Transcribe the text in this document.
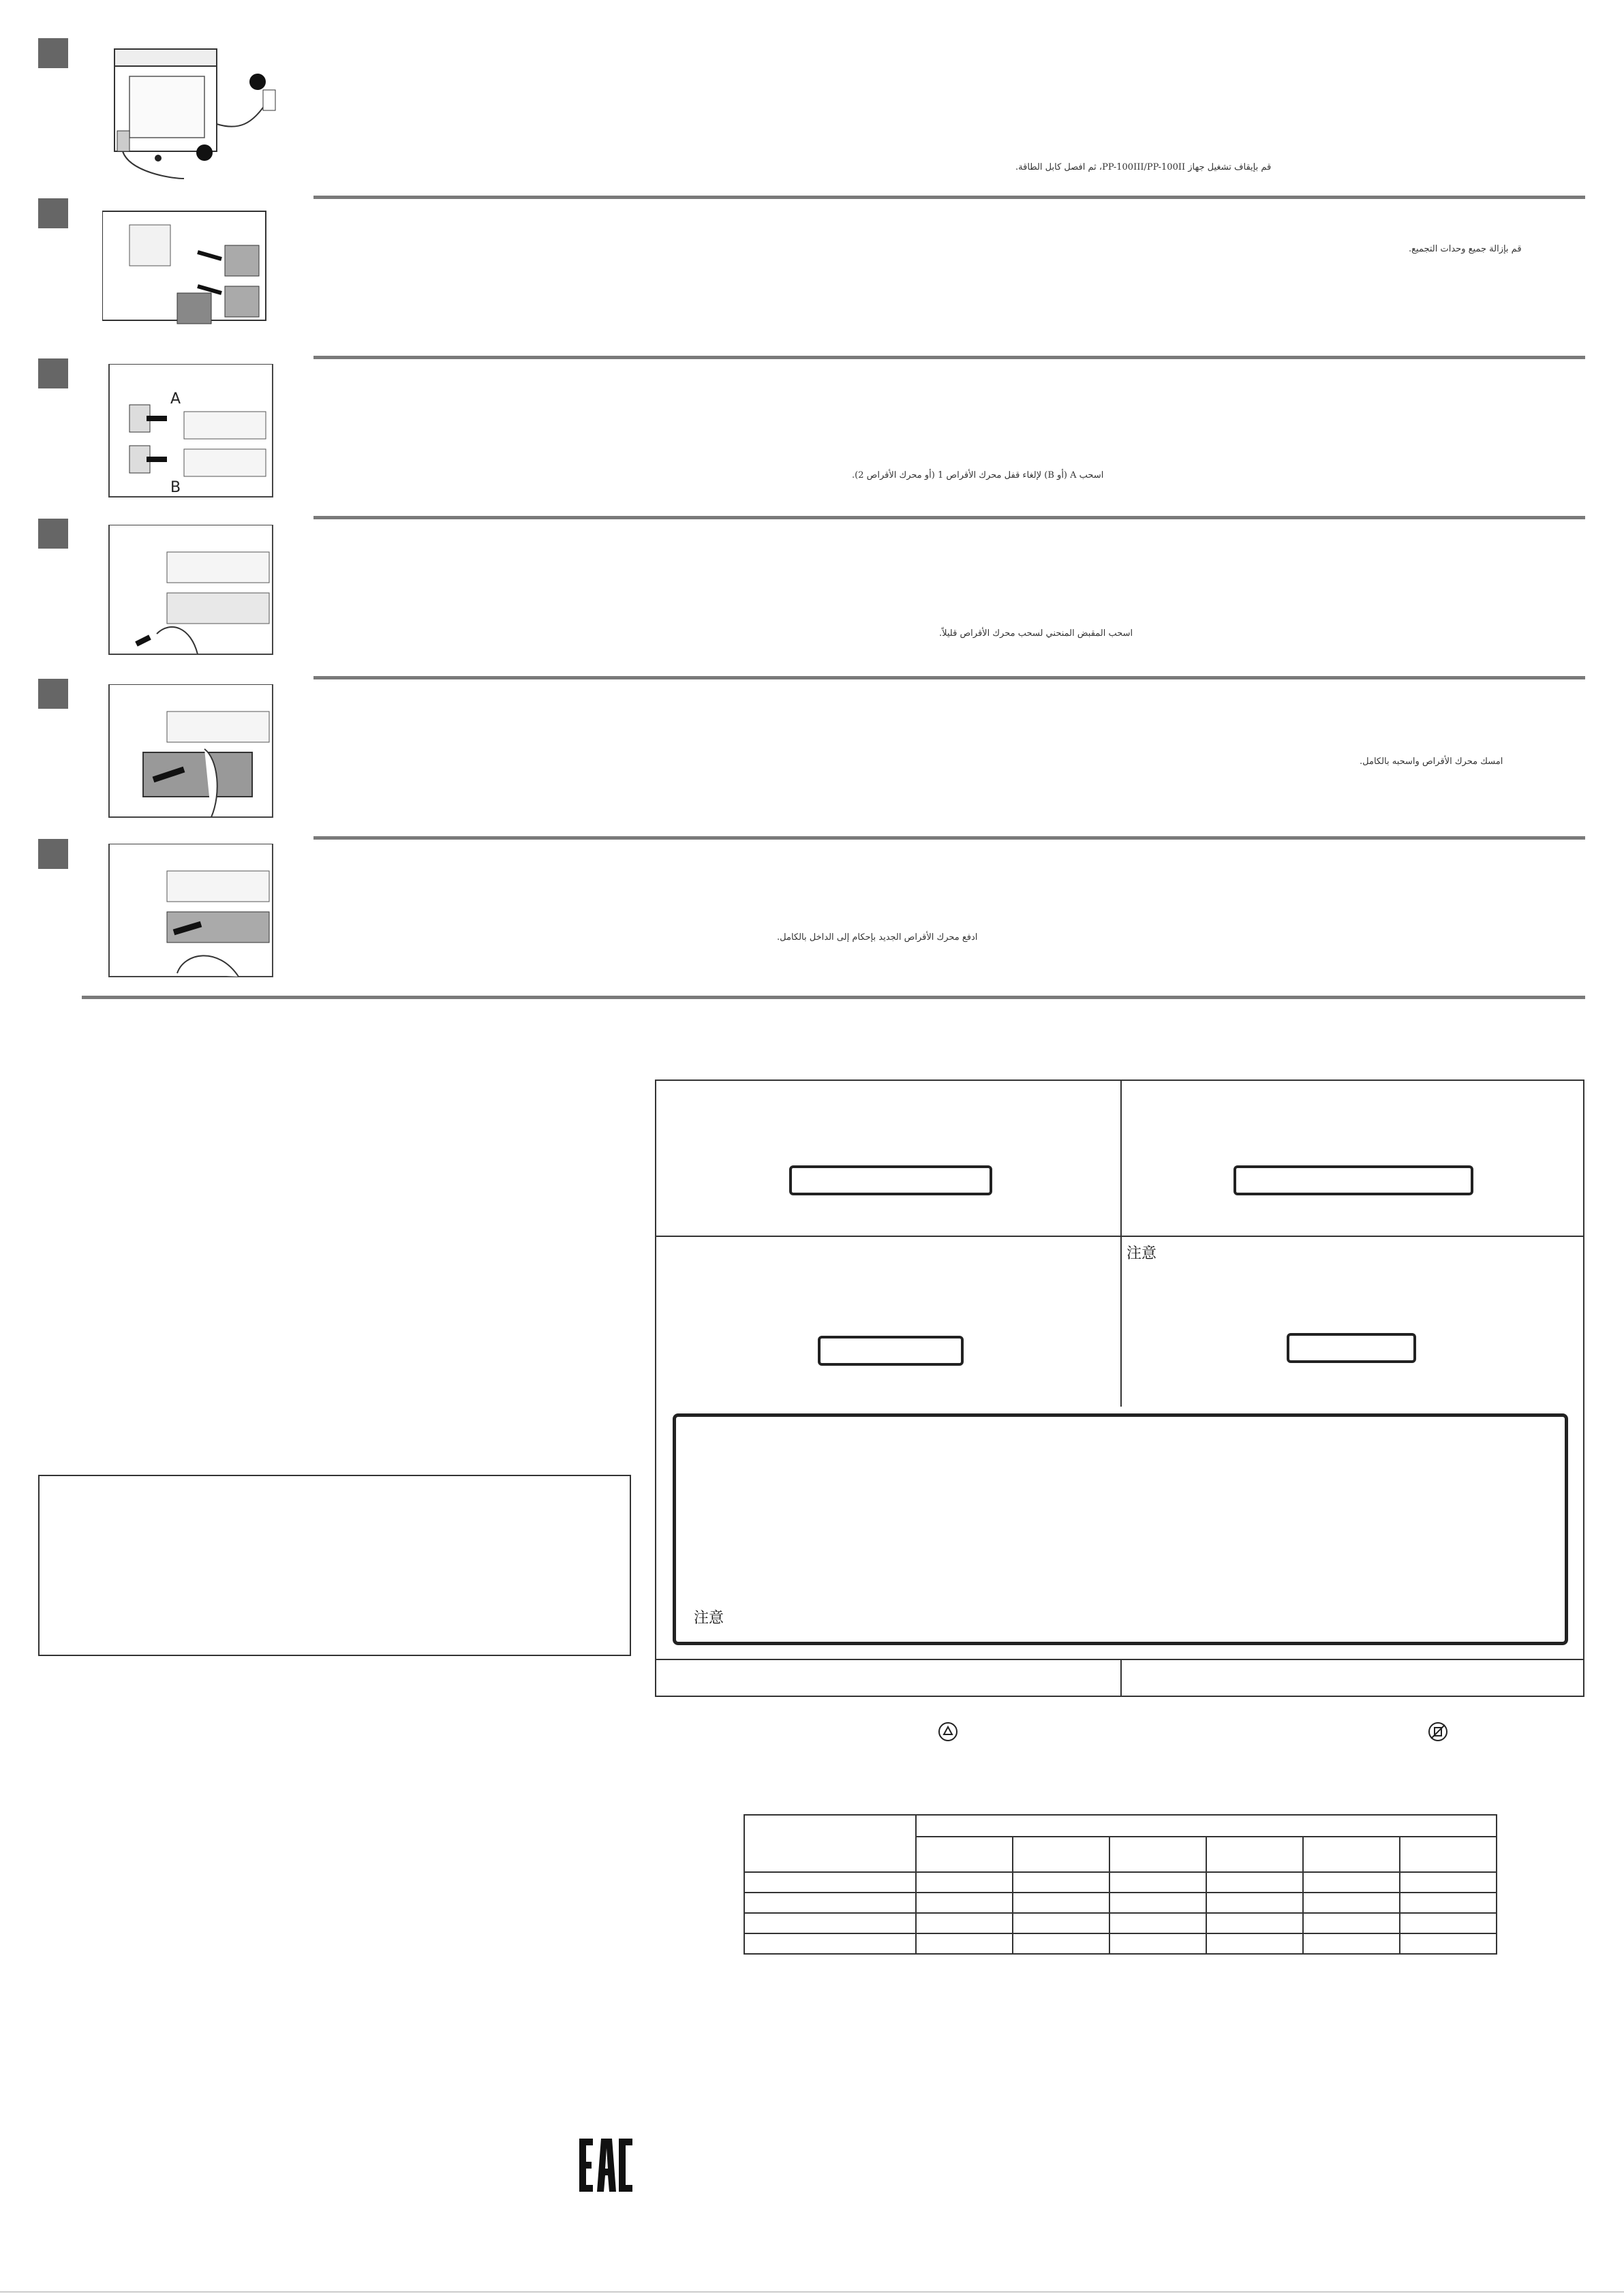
قم بإيقاف تشغيل جهاز PP-100III/PP-100II، ثم افصل كابل الطاقة.
قم بإزالة جميع وحدات التجميع.
A
B
اسحب A (أو B) لإلغاء قفل محرك الأقراص 1 (أو محرك الأقراص 2).
اسحب المقبض المنحني لسحب محرك الأقراص قليلاً.
امسك محرك الأقراص واسحبه بالكامل.
ادفع محرك الأقراص الجديد بإحكام إلى الداخل بالكامل.
注意
注意
